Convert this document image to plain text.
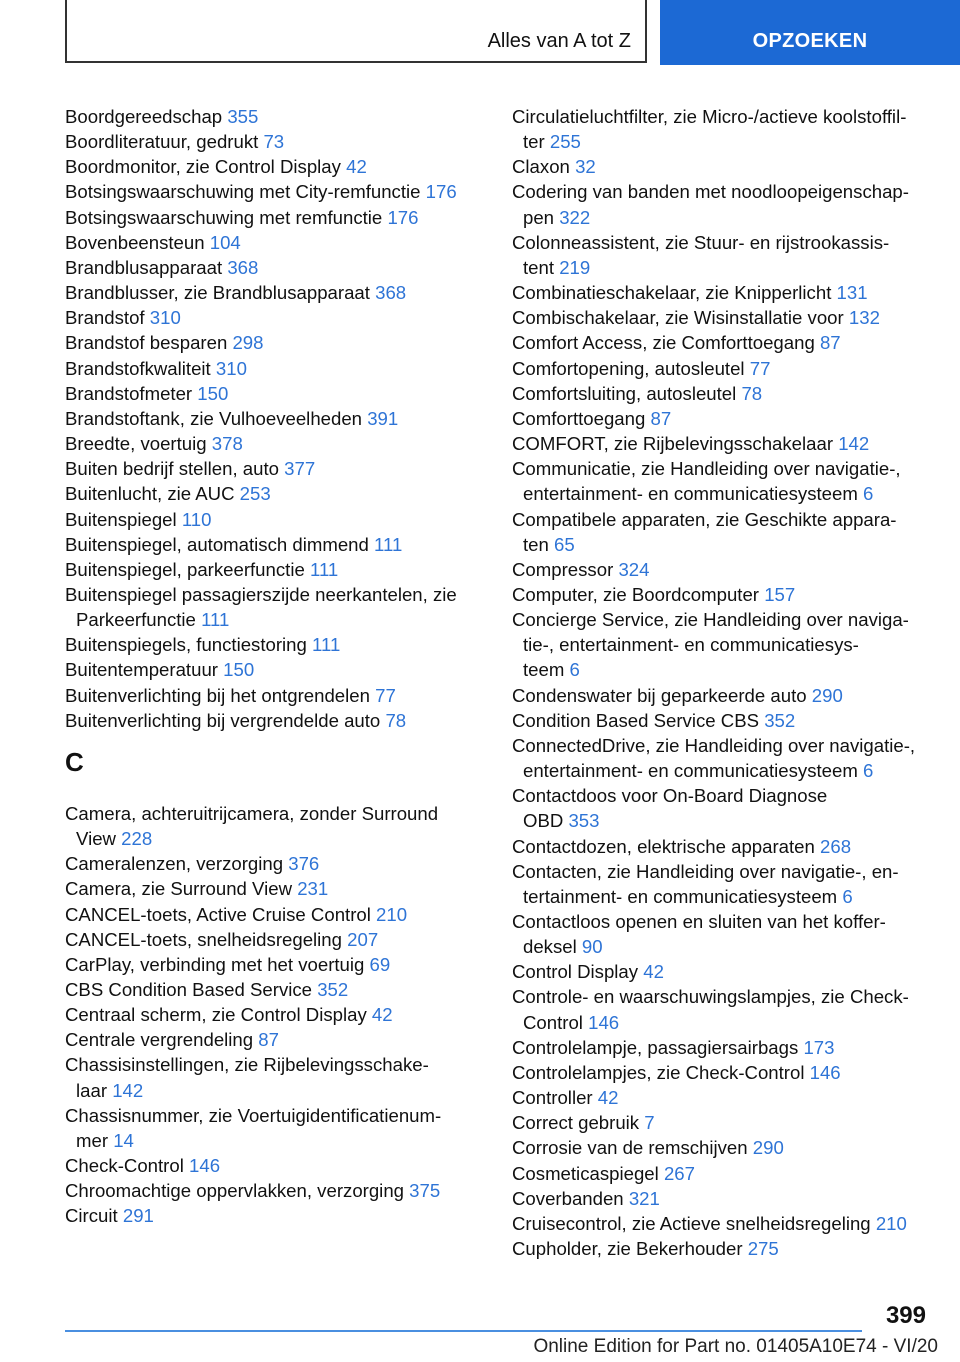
Alles van A tot Z	OPZOEKEN
Boordgereedschap 355
Boordliteratuur, gedrukt 73
Boordmonitor, zie Control Display 42
Botsingswaarschuwing met City-remfunctie 176
Botsingswaarschuwing met remfunctie 176
Bovenbeensteun 104
Brandblusapparaat 368
Brandblusser, zie Brandblusapparaat 368
Brandstof 310
Brandstof besparen 298
Brandstofkwaliteit 310
Brandstofmeter 150
Brandstoftank, zie Vulhoeveelheden 391
Breedte, voertuig 378
Buiten bedrijf stellen, auto 377
Buitenlucht, zie AUC 253
Buitenspiegel 110
Buitenspiegel, automatisch dimmend 111
Buitenspiegel, parkeerfunctie 111
Buitenspiegel passagierszijde neerkantelen, zie
Parkeerfunctie 111
Buitenspiegels, functiestoring 111
Buitentemperatuur 150
Buitenverlichting bij het ontgrendelen 77
Buitenverlichting bij vergrendelde auto 78
C
Camera, achteruitrijcamera, zonder Surround
View 228
Cameralenzen, verzorging 376
Camera, zie Surround View 231
CANCEL-toets, Active Cruise Control 210
CANCEL-toets, snelheidsregeling 207
CarPlay, verbinding met het voertuig 69
CBS Condition Based Service 352
Centraal scherm, zie Control Display 42
Centrale vergrendeling 87
Chassisinstellingen, zie Rijbelevingsschake-
laar 142
Chassisnummer, zie Voertuigidentificatienum-
mer 14
Check-Control 146
Chroomachtige oppervlakken, verzorging 375
Circuit 291
Circulatieluchtfilter, zie Micro-/actieve koolstoffil-
ter 255
Claxon 32
Codering van banden met noodloopeigenschap-
pen 322
Colonneassistent, zie Stuur- en rijstrookassis-
tent 219
Combinatieschakelaar, zie Knipperlicht 131
Combischakelaar, zie Wisinstallatie voor 132
Comfort Access, zie Comforttoegang 87
Comfortopening, autosleutel 77
Comfortsluiting, autosleutel 78
Comforttoegang 87
COMFORT, zie Rijbelevingsschakelaar 142
Communicatie, zie Handleiding over navigatie-,
entertainment- en communicatiesysteem 6
Compatibele apparaten, zie Geschikte appara-
ten 65
Compressor 324
Computer, zie Boordcomputer 157
Concierge Service, zie Handleiding over naviga-
tie-, entertainment- en communicatiesys-
teem 6
Condenswater bij geparkeerde auto 290
Condition Based Service CBS 352
ConnectedDrive, zie Handleiding over navigatie-,
entertainment- en communicatiesysteem 6
Contactdoos voor On-Board Diagnose
OBD 353
Contactdozen, elektrische apparaten 268
Contacten, zie Handleiding over navigatie-, en-
tertainment- en communicatiesysteem 6
Contactloos openen en sluiten van het koffer-
deksel 90
Control Display 42
Controle- en waarschuwingslampjes, zie Check-
Control 146
Controlelampje, passagiersairbags 173
Controlelampjes, zie Check-Control 146
Controller 42
Correct gebruik 7
Corrosie van de remschijven 290
Cosmeticaspiegel 267
Coverbanden 321
Cruisecontrol, zie Actieve snelheidsregeling 210
Cupholder, zie Bekerhouder 275
399
Online Edition for Part no. 01405A10E74 - VI/20
